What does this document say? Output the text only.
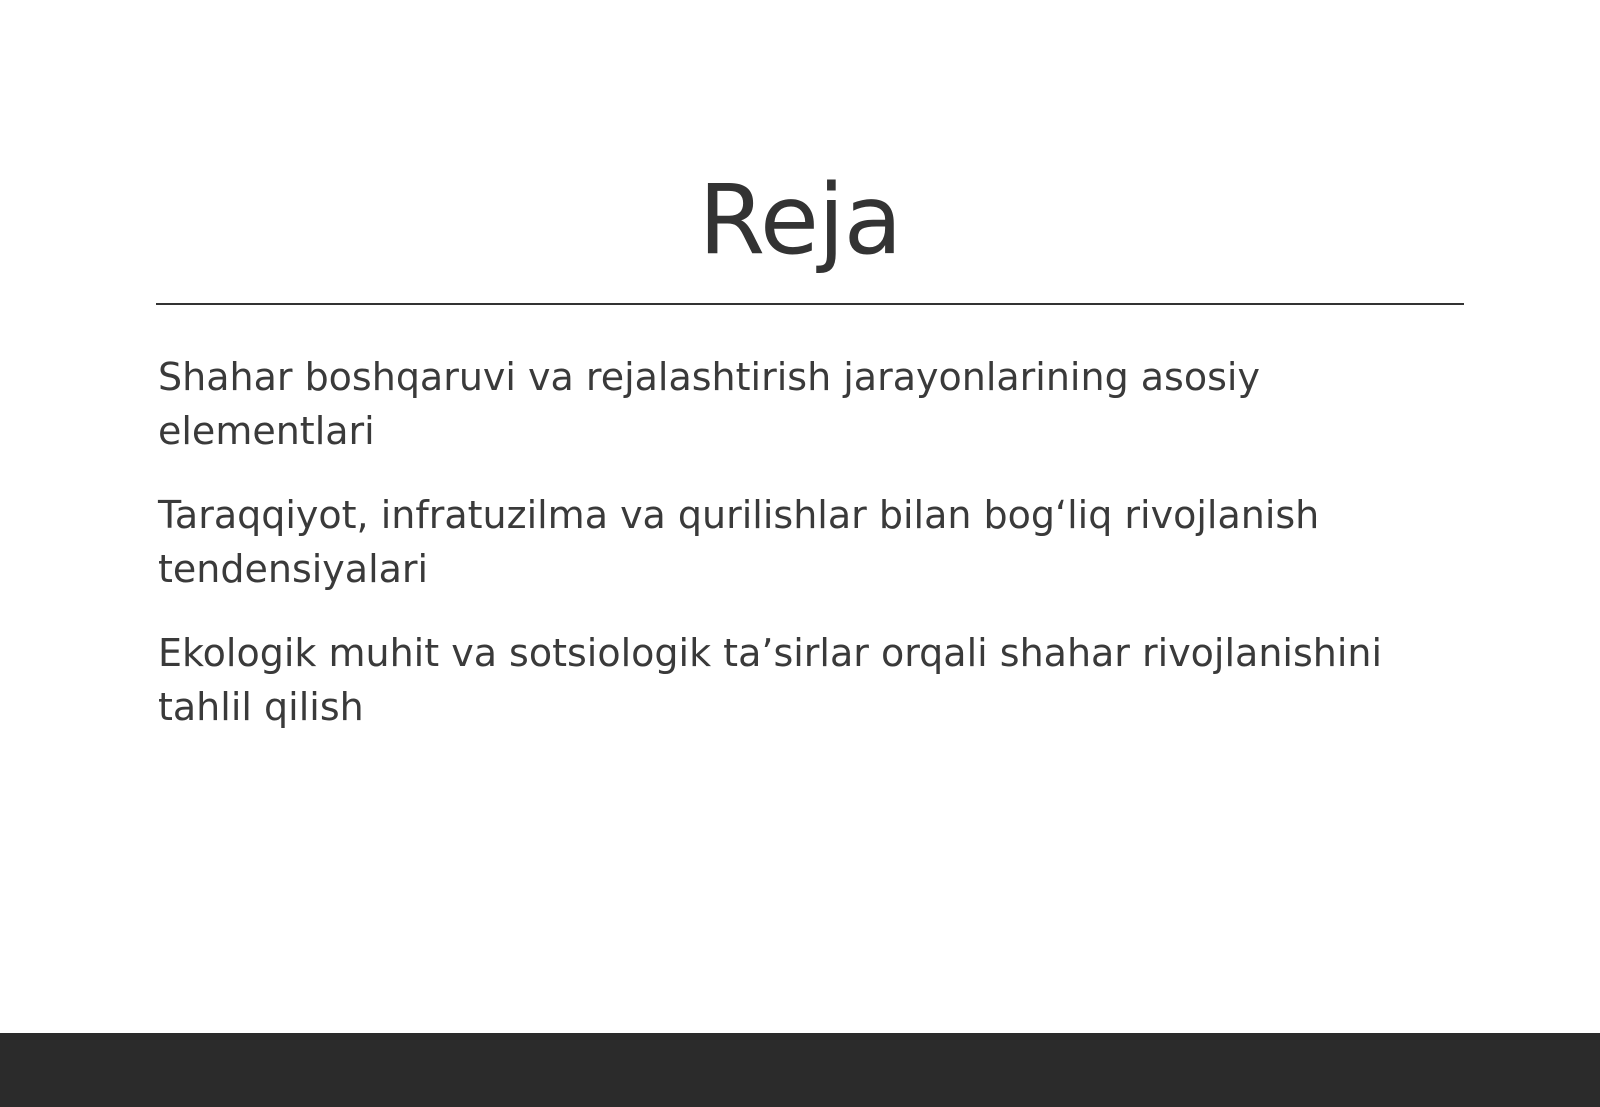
Reja
Shahar boshqaruvi va rejalashtirish jarayonlarining asosiy elementlari
Taraqqiyot, infratuzilma va qurilishlar bilan bog‘liq rivojlanish tendensiyalari
Ekologik muhit va sotsiologik ta’sirlar orqali shahar rivojlanishini tahlil qilish
